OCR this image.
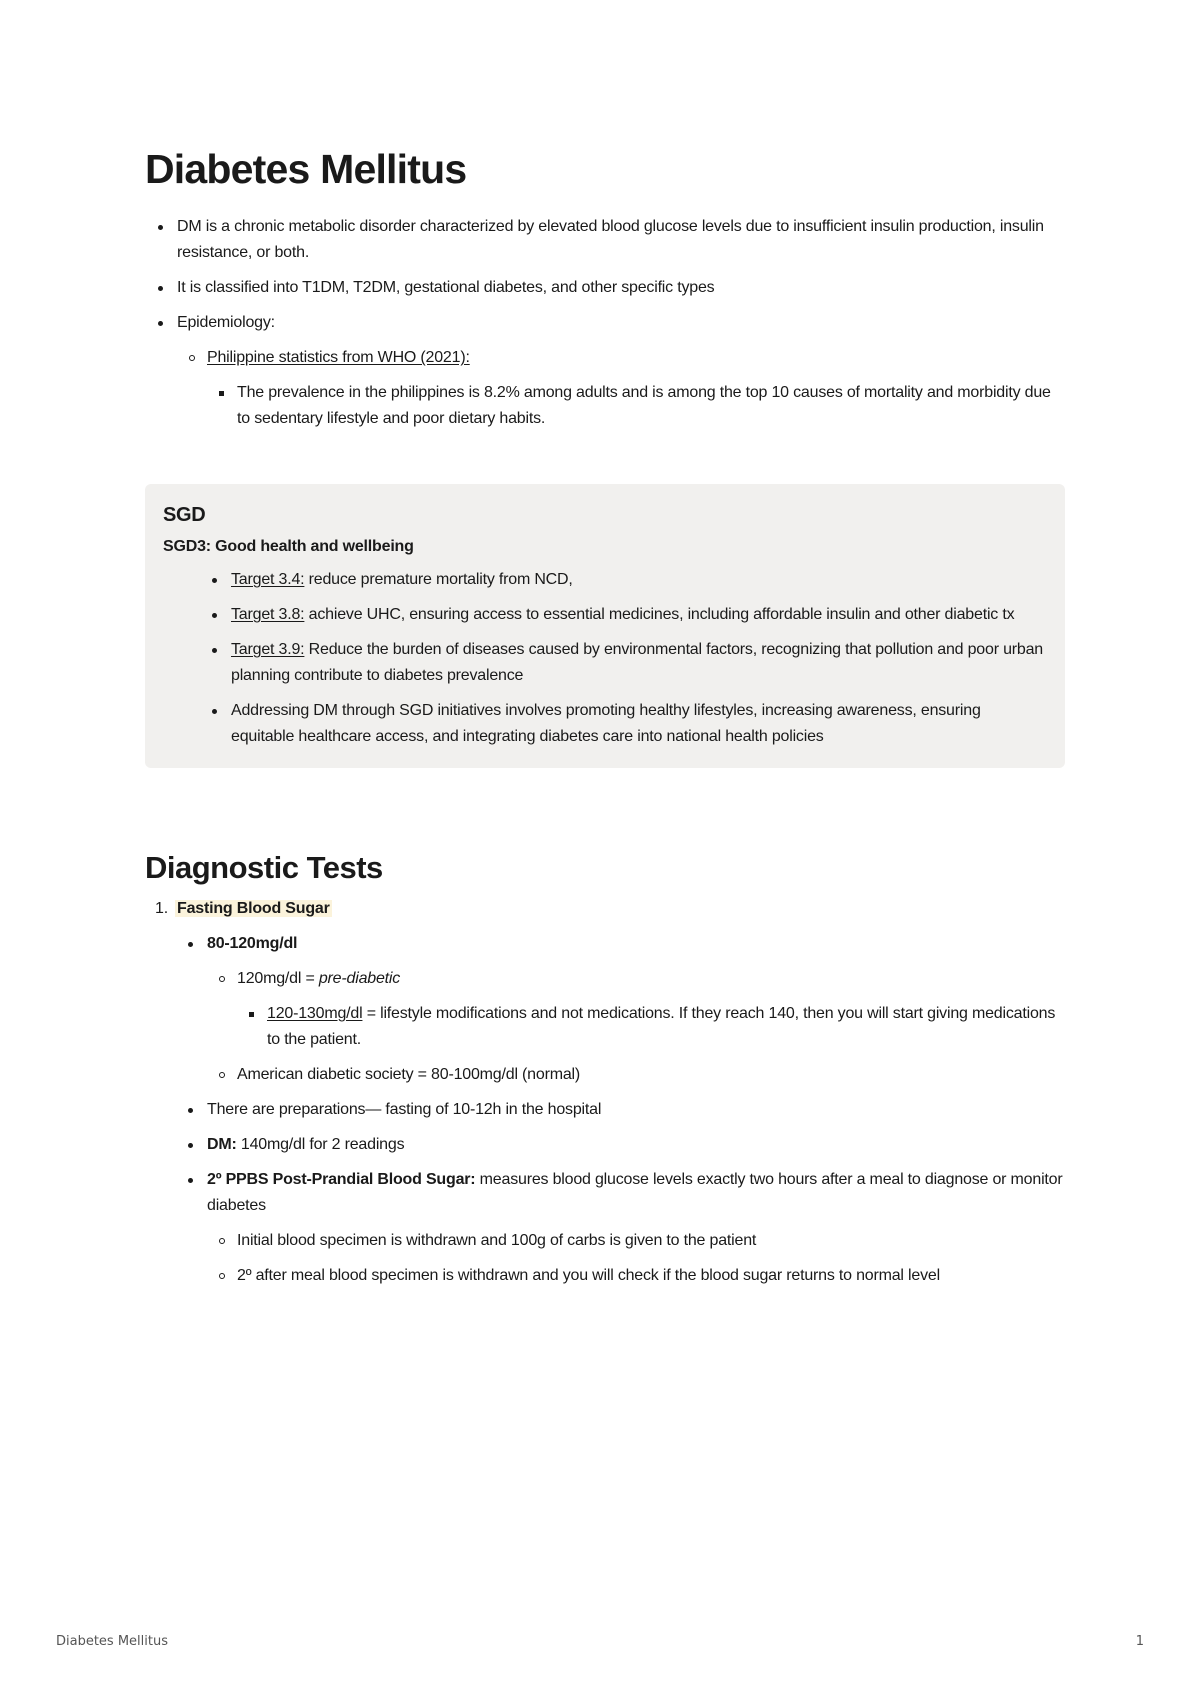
Diabetes Mellitus
DM is a chronic metabolic disorder characterized by elevated blood glucose levels due to insufficient insulin production, insulin resistance, or both.
It is classified into T1DM, T2DM, gestational diabetes, and other specific types
Epidemiology:
Philippine statistics from WHO (2021):
The prevalence in the philippines is 8.2% among adults and is among the top 10 causes of mortality and morbidity due to sedentary lifestyle and poor dietary habits.
SGD
SGD3: Good health and wellbeing
Target 3.4: reduce premature mortality from NCD,
Target 3.8: achieve UHC, ensuring access to essential medicines, including affordable insulin and other diabetic tx
Target 3.9: Reduce the burden of diseases caused by environmental factors, recognizing that pollution and poor urban planning contribute to diabetes prevalence
Addressing DM through SGD initiatives involves promoting healthy lifestyles, increasing awareness, ensuring equitable healthcare access, and integrating diabetes care into national health policies
Diagnostic Tests
1. Fasting Blood Sugar
80-120mg/dl
120mg/dl = pre-diabetic
120-130mg/dl = lifestyle modifications and not medications. If they reach 140, then you will start giving medications to the patient.
American diabetic society = 80-100mg/dl (normal)
There are preparations— fasting of 10-12h in the hospital
DM: 140mg/dl for 2 readings
2º PPBS Post-Prandial Blood Sugar: measures blood glucose levels exactly two hours after a meal to diagnose or monitor diabetes
Initial blood specimen is withdrawn and 100g of carbs is given to the patient
2º after meal blood specimen is withdrawn and you will check if the blood sugar returns to normal level
Diabetes Mellitus	1
